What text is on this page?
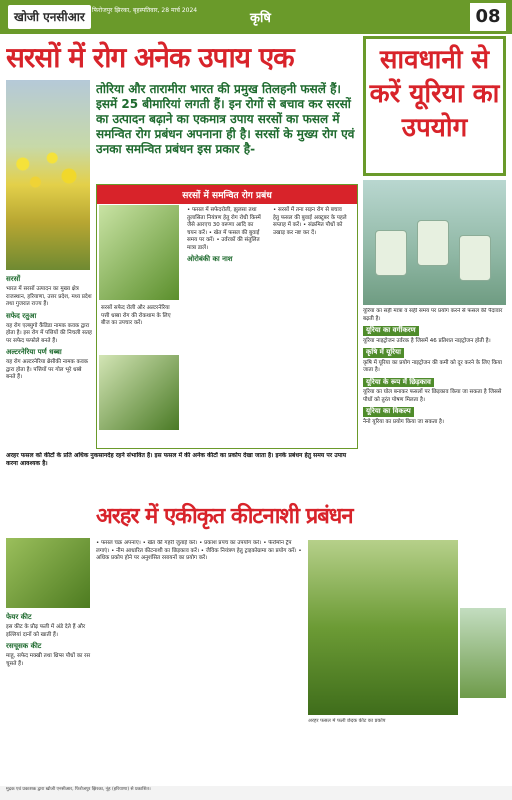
खोजी एनसीआर	फिरोजपुर झिरका, बृहस्पतिवार, 28 मार्च 2024
कृषि	08
सरसों में रोग अनेक उपाय एक	सावधानी से करें यूरिया का उपयोग
तोरिया और तारामीरा भारत की प्रमुख तिलहनी फसलें हैं। इसमें 25 बीमारियां लगती हैं। इन रोगों से बचाव कर सरसों का उत्पादन बढ़ाने का एकमात्र उपाय सरसों का फसल में समन्वित रोग प्रबंधन अपनाना ही है। सरसों के मुख्य रोग एवं उनका समन्वित प्रबंधन इस प्रकार है-
सरसों
भारत में सरसों उत्पादन का मुख्य क्षेत्र राजस्थान, हरियाणा, उत्तर प्रदेश, मध्य प्रदेश तथा गुजरात राज्य हैं।
सफेद रतुआ
यह रोग एल्ब्युगो कैंडिडा नामक कवक द्वारा होता है। इस रोग में पत्तियों की निचली सतह पर सफेद फफोले बनते हैं।
अल्टरनेरिया पर्ण धब्बा
यह रोग अल्टरनेरिया ब्रेसीकी नामक कवक द्वारा होता है। पत्तियों पर गोल भूरे धब्बे बनते हैं।
सरसों में समन्वित रोग प्रबंध
सरसों सफेद रोली और अल्टरनेरिया पत्ती धब्बा रोग की रोकथाम के लिए बीज का उपचार करें।
• फसल में सफेदरोली, झुलसा तथा तुलासिता नियंत्रण हेतु रोग रोधी किस्में जैसे आरएच 30 वरूणा आदि का चयन करें। • खेत में फसल की बुवाई समय पर करें। • उर्वरकों की संतुलित मात्रा डालें।
ओरोबंकी का नाश
• सरसों में तना सड़न रोग से बचाव हेतु फसल की बुवाई अक्टूबर के पहले सप्ताह में करें। • संक्रमित पौधों को उखाड़ कर नष्ट कर दें।
यूरिया का सही मात्रा व सही समय पर प्रयोग करने से फसल की पैदावार बढ़ती है।
यूरिया का वर्गीकरण
यूरिया नाइट्रोजन उर्वरक है जिसमें 46 प्रतिशत नाइट्रोजन होती है।
कृषि में यूरिया
कृषि में यूरिया का प्रयोग नाइट्रोजन की कमी को दूर करने के लिए किया जाता है।
यूरिया के रूप में छिड़काव
यूरिया का घोल बनाकर फसलों पर छिड़काव किया जा सकता है जिससे पौधों को तुरंत पोषण मिलता है।
यूरिया का विकल्प
नैनो यूरिया का प्रयोग किया जा सकता है।
अरहर फसल को कीटों के प्रति अधिक नुकसानदेह रहने संभावित है। इस फसल में की अनेक कीटों का प्रकोप देखा जाता है। इनके प्रबंधन हेतु समय पर उपाय करना आवश्यक है।
अरहर में एकीकृत कीटनाशी प्रबंधन
फेयर कीट
इस कीट के प्रौढ़ फली में अंडे देते हैं और इल्लियां दानों को खाती हैं।
रसचूसक कीट
माहू, सफेद मक्खी तथा थ्रिप्स पौधों का रस चूसते हैं।
• फसल चक्र अपनाएं। • खेत की गहरी जुताई करें। • प्रकाश प्रपंच का उपयोग करें। • फेरोमोन ट्रैप लगाएं। • नीम आधारित कीटनाशी का छिड़काव करें। • जैविक नियंत्रण हेतु ट्राइकोग्रामा का प्रयोग करें। • अधिक प्रकोप होने पर अनुशंसित रसायनों का प्रयोग करें।
अरहर फसल में फली छेदक कीट का प्रकोप
मुद्रक एवं प्रकाशक द्वारा खोजी एनसीआर, फिरोजपुर झिरका, नूंह (हरियाणा) से प्रकाशित।
